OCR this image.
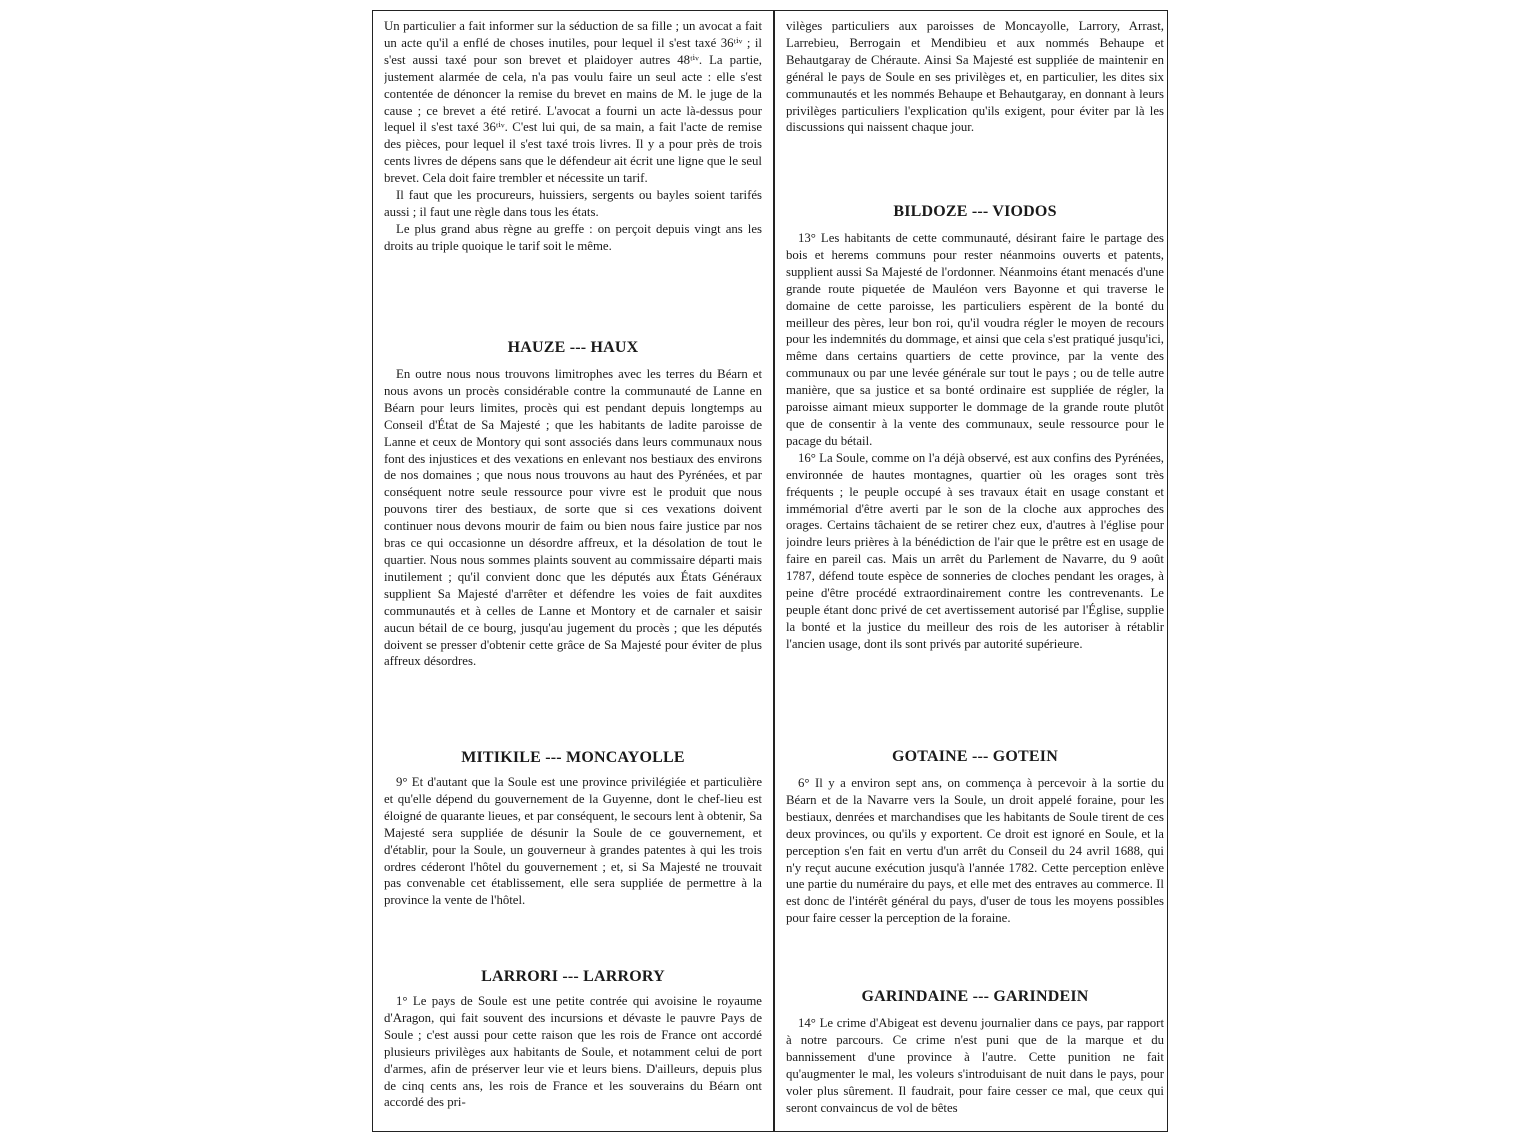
Un particulier a fait informer sur la séduction de sa fille ; un avocat a fait un acte qu'il a enflé de choses inutiles, pour lequel il s'est taxé 36ᵗⁱᵛ ; il s'est aussi taxé pour son brevet et plaidoyer autres 48ᵗⁱᵛ. La partie, justement alarmée de cela, n'a pas voulu faire un seul acte : elle s'est contentée de dénoncer la remise du brevet en mains de M. le juge de la cause ; ce brevet a été retiré. L'avocat a fourni un acte là-dessus pour lequel il s'est taxé 36ᵗⁱᵛ. C'est lui qui, de sa main, a fait l'acte de remise des pièces, pour lequel il s'est taxé trois livres. Il y a pour près de trois cents livres de dépens sans que le défendeur ait écrit une ligne que le seul brevet. Cela doit faire trembler et nécessite un tarif.

Il faut que les procureurs, huissiers, sergents ou bayles soient tarifés aussi ; il faut une règle dans tous les états.

Le plus grand abus règne au greffe : on perçoit depuis vingt ans les droits au triple quoique le tarif soit le même.

HAUZE --- HAUX

En outre nous nous trouvons limitrophes avec les terres du Béarn et nous avons un procès considérable contre la communauté de Lanne en Béarn pour leurs limites, procès qui est pendant depuis longtemps au Conseil d'État de Sa Majesté ; que les habitants de ladite paroisse de Lanne et ceux de Montory qui sont associés dans leurs communaux nous font des injustices et des vexations en enlevant nos bestiaux des environs de nos domaines ; que nous nous trouvons au haut des Pyrénées, et par conséquent notre seule ressource pour vivre est le produit que nous pouvons tirer des bestiaux, de sorte que si ces vexations doivent continuer nous devons mourir de faim ou bien nous faire justice par nos bras ce qui occasionne un désordre affreux, et la désolation de tout le quartier. Nous nous sommes plaints souvent au commissaire départi mais inutilement ; qu'il convient donc que les députés aux États Généraux supplient Sa Majesté d'arrêter et défendre les voies de fait auxdites communautés et à celles de Lanne et Montory et de carnaler et saisir aucun bétail de ce bourg, jusqu'au jugement du procès ; que les députés doivent se presser d'obtenir cette grâce de Sa Majesté pour éviter de plus affreux désordres.

MITIKILE --- MONCAYOLLE

9° Et d'autant que la Soule est une province privilégiée et particulière et qu'elle dépend du gouvernement de la Guyenne, dont le chef-lieu est éloigné de quarante lieues, et par conséquent, le secours lent à obtenir, Sa Majesté sera suppliée de désunir la Soule de ce gouvernement, et d'établir, pour la Soule, un gouverneur à grandes patentes à qui les trois ordres céderont l'hôtel du gouvernement ; et, si Sa Majesté ne trouvait pas convenable cet établissement, elle sera suppliée de permettre à la province la vente de l'hôtel.

LARRORI --- LARRORY

1° Le pays de Soule est une petite contrée qui avoisine le royaume d'Aragon, qui fait souvent des incursions et dévaste le pauvre Pays de Soule ; c'est aussi pour cette raison que les rois de France ont accordé plusieurs privilèges aux habitants de Soule, et notamment celui de port d'armes, afin de préserver leur vie et leurs biens. D'ailleurs, depuis plus de cinq cents ans, les rois de France et les souverains du Béarn ont accordé des pri-

vilèges particuliers aux paroisses de Moncayolle, Larrory, Arrast, Larrebieu, Berrogain et Mendibieu et aux nommés Behaupe et Behautgaray de Chéraute. Ainsi Sa Majesté est suppliée de maintenir en général le pays de Soule en ses privilèges et, en particulier, les dites six communautés et les nommés Behaupe et Behautgaray, en donnant à leurs privilèges particuliers l'explication qu'ils exigent, pour éviter par là les discussions qui naissent chaque jour.

BILDOZE --- VIODOS

13° Les habitants de cette communauté, désirant faire le partage des bois et herems communs pour rester néanmoins ouverts et patents, supplient aussi Sa Majesté de l'ordonner. Néanmoins étant menacés d'une grande route piquetée de Mauléon vers Bayonne et qui traverse le domaine de cette paroisse, les particuliers espèrent de la bonté du meilleur des pères, leur bon roi, qu'il voudra régler le moyen de recours pour les indemnités du dommage, et ainsi que cela s'est pratiqué jusqu'ici, même dans certains quartiers de cette province, par la vente des communaux ou par une levée générale sur tout le pays ; ou de telle autre manière, que sa justice et sa bonté ordinaire est suppliée de régler, la paroisse aimant mieux supporter le dommage de la grande route plutôt que de consentir à la vente des communaux, seule ressource pour le pacage du bétail.

16° La Soule, comme on l'a déjà observé, est aux confins des Pyrénées, environnée de hautes montagnes, quartier où les orages sont très fréquents ; le peuple occupé à ses travaux était en usage constant et immémorial d'être averti par le son de la cloche aux approches des orages. Certains tâchaient de se retirer chez eux, d'autres à l'église pour joindre leurs prières à la bénédiction de l'air que le prêtre est en usage de faire en pareil cas. Mais un arrêt du Parlement de Navarre, du 9 août 1787, défend toute espèce de sonneries de cloches pendant les orages, à peine d'être procédé extraordinairement contre les contrevenants. Le peuple étant donc privé de cet avertissement autorisé par l'Église, supplie la bonté et la justice du meilleur des rois de les autoriser à rétablir l'ancien usage, dont ils sont privés par autorité supérieure.

GOTAINE --- GOTEIN

6° Il y a environ sept ans, on commença à percevoir à la sortie du Béarn et de la Navarre vers la Soule, un droit appelé foraine, pour les bestiaux, denrées et marchandises que les habitants de Soule tirent de ces deux provinces, ou qu'ils y exportent. Ce droit est ignoré en Soule, et la perception s'en fait en vertu d'un arrêt du Conseil du 24 avril 1688, qui n'y reçut aucune exécution jusqu'à l'année 1782. Cette perception enlève une partie du numéraire du pays, et elle met des entraves au commerce. Il est donc de l'intérêt général du pays, d'user de tous les moyens possibles pour faire cesser la perception de la foraine.

GARINDAINE --- GARINDEIN

14° Le crime d'Abigeat est devenu journalier dans ce pays, par rapport à notre parcours. Ce crime n'est puni que de la marque et du bannissement d'une province à l'autre. Cette punition ne fait qu'augmenter le mal, les voleurs s'introduisant de nuit dans le pays, pour voler plus sûrement. Il faudrait, pour faire cesser ce mal, que ceux qui seront convaincus de vol de bêtes
